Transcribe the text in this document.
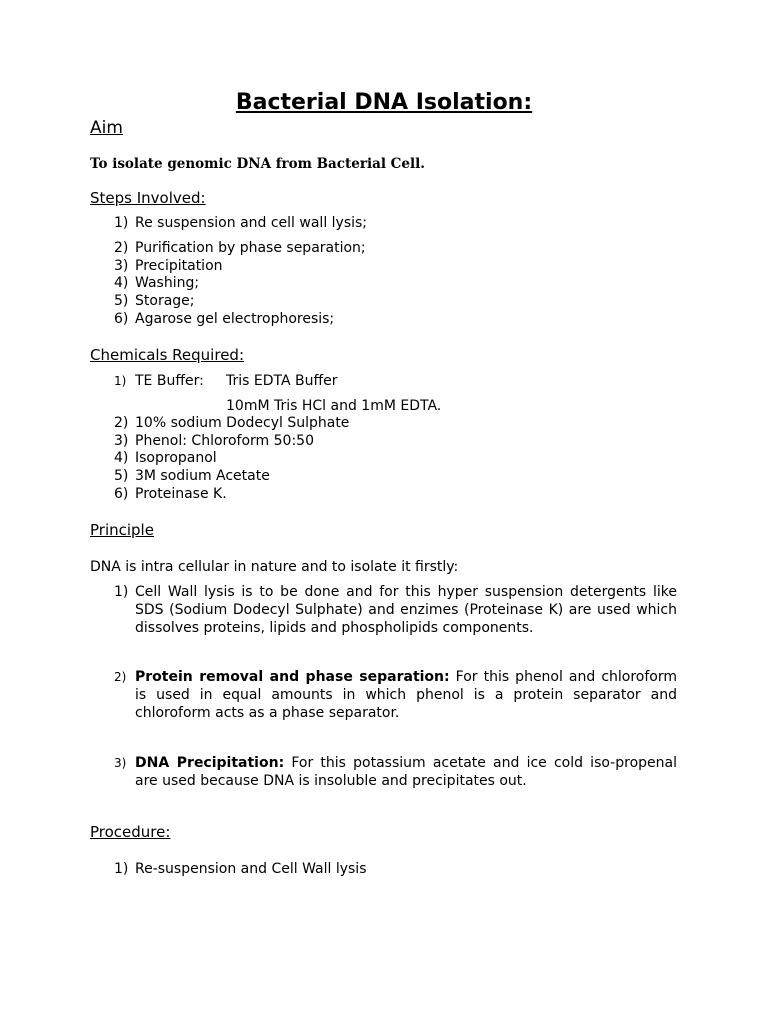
Bacterial DNA Isolation:
Aim
To isolate genomic DNA from Bacterial Cell.
Steps Involved:
1) Re suspension and cell wall lysis;
2) Purification by phase separation;
3) Precipitation
4) Washing;
5) Storage;
6) Agarose gel electrophoresis;
Chemicals Required:
1) TE Buffer: Tris EDTA Buffer
10mM Tris HCl and 1mM EDTA.
2) 10% sodium Dodecyl Sulphate
3) Phenol: Chloroform 50:50
4) Isopropanol
5) 3M sodium Acetate
6) Proteinase K.
Principle
DNA is intra cellular in nature and to isolate it firstly:
1) Cell Wall lysis is to be done and for this hyper suspension detergents like SDS (Sodium Dodecyl Sulphate) and enzimes (Proteinase K) are used which dissolves proteins, lipids and phospholipids components.

2) Protein removal and phase separation: For this phenol and chloroform is used in equal amounts in which phenol is a protein separator and chloroform acts as a phase separator.

3) DNA Precipitation: For this potassium acetate and ice cold iso-propenal are used because DNA is insoluble and precipitates out.

Procedure:
1) Re-suspension and Cell Wall lysis
